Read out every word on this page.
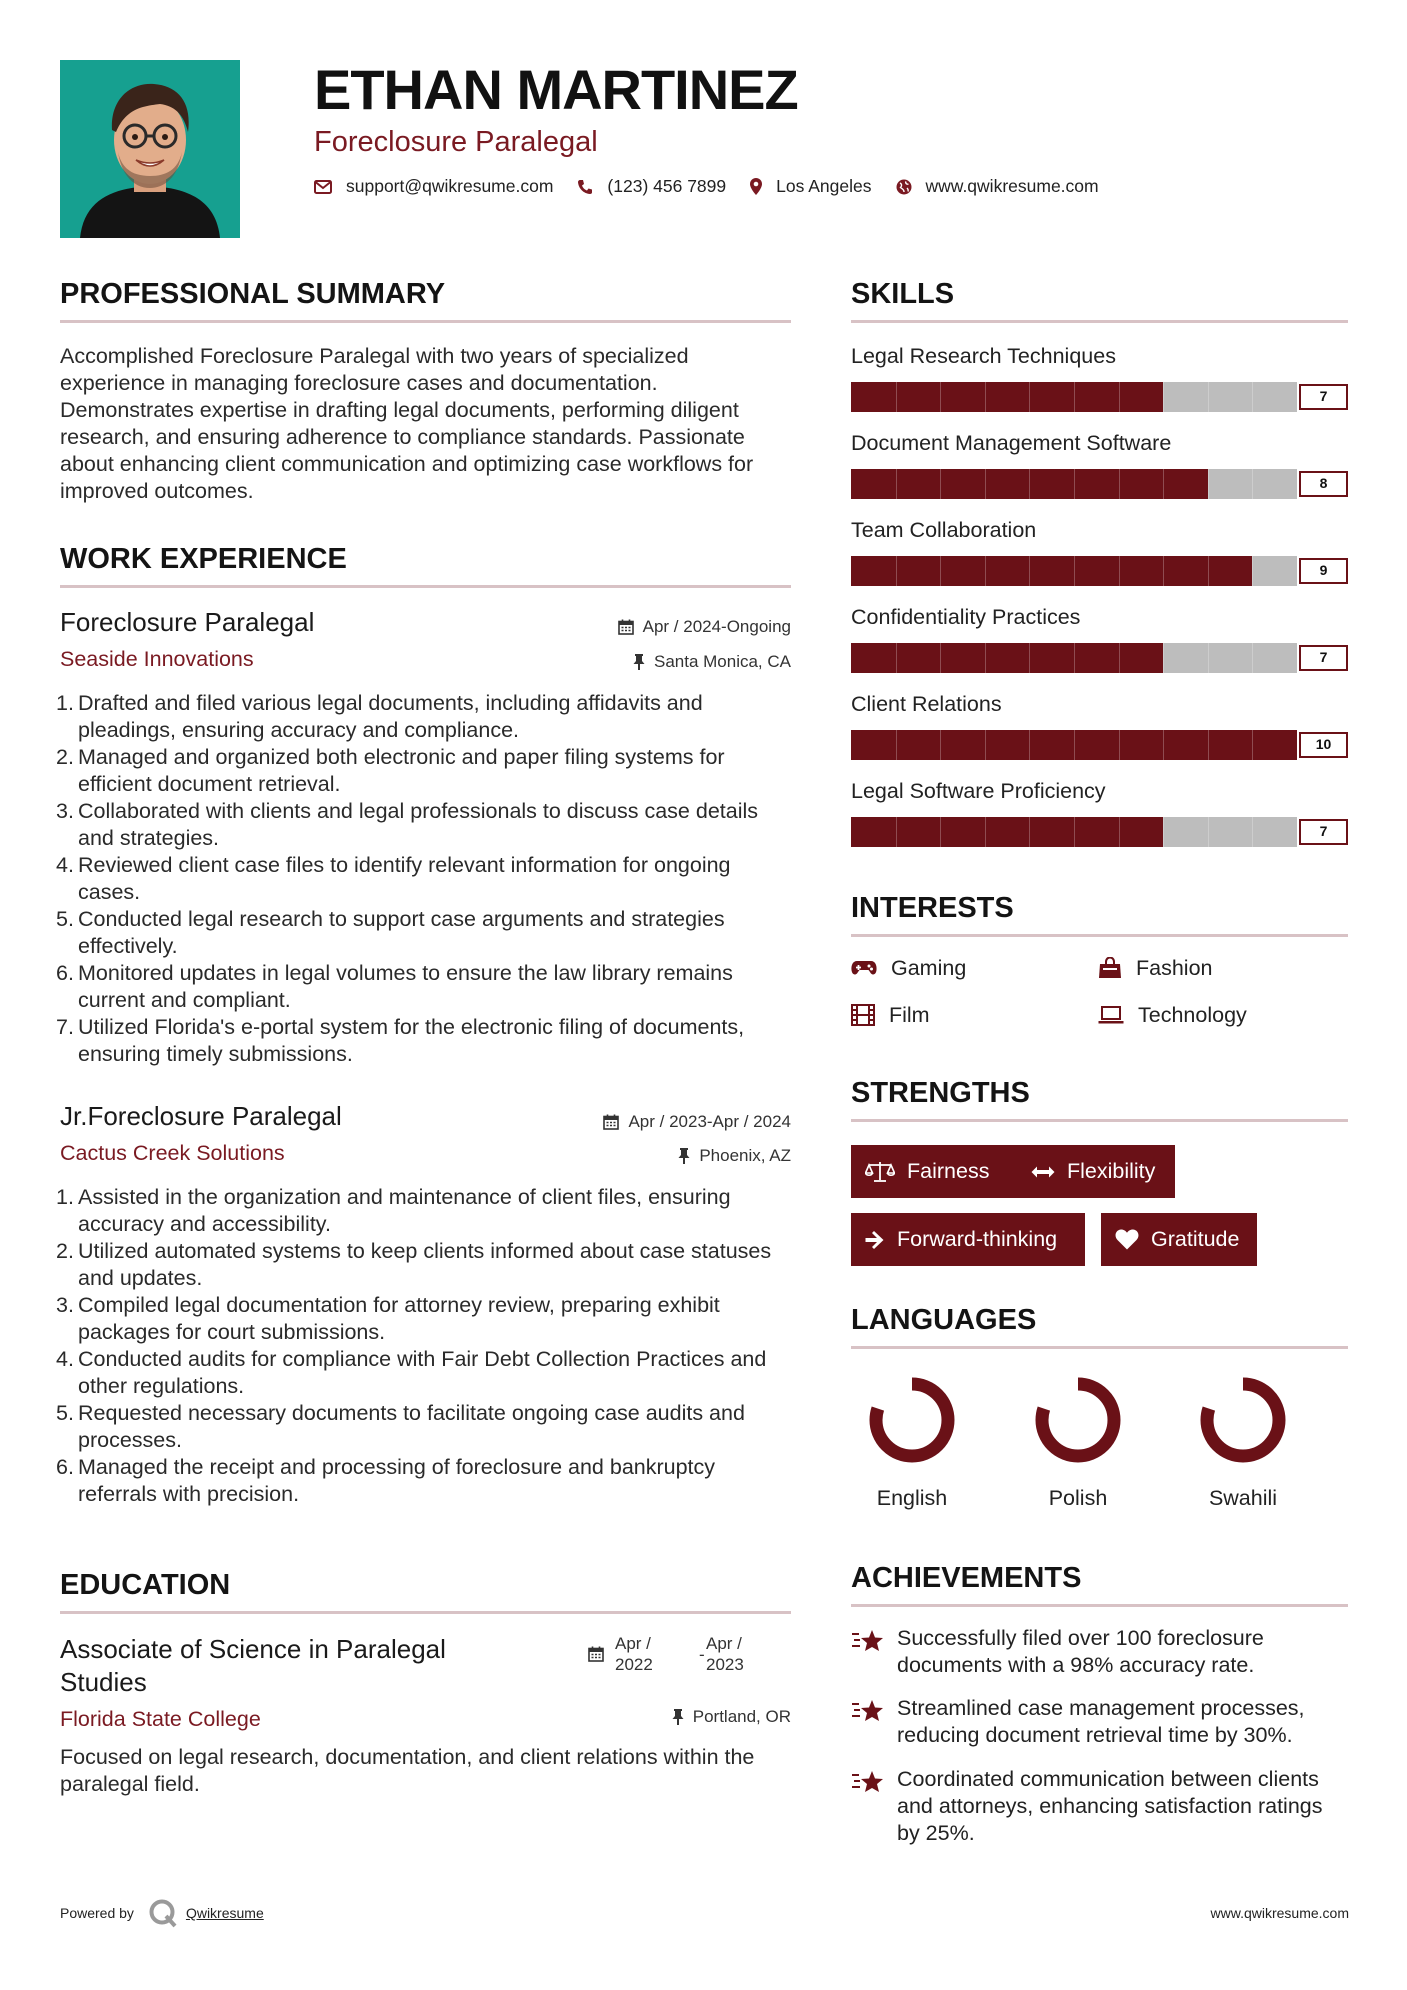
ETHAN MARTINEZ
Foreclosure Paralegal
support@qwikresume.com	(123) 456 7899	Los Angeles	www.qwikresume.com
PROFESSIONAL SUMMARY
Accomplished Foreclosure Paralegal with two years of specialized experience in managing foreclosure cases and documentation. Demonstrates expertise in drafting legal documents, performing diligent research, and ensuring adherence to compliance standards. Passionate about enhancing client communication and optimizing case workflows for improved outcomes.
WORK EXPERIENCE
Foreclosure Paralegal	Apr / 2024-Ongoing
Seaside Innovations	Santa Monica, CA
Drafted and filed various legal documents, including affidavits and pleadings, ensuring accuracy and compliance.
Managed and organized both electronic and paper filing systems for efficient document retrieval.
Collaborated with clients and legal professionals to discuss case details and strategies.
Reviewed client case files to identify relevant information for ongoing cases.
Conducted legal research to support case arguments and strategies effectively.
Monitored updates in legal volumes to ensure the law library remains current and compliant.
Utilized Florida's e-portal system for the electronic filing of documents, ensuring timely submissions.
Jr.Foreclosure Paralegal	Apr / 2023-Apr / 2024
Cactus Creek Solutions	Phoenix, AZ
Assisted in the organization and maintenance of client files, ensuring accuracy and accessibility.
Utilized automated systems to keep clients informed about case statuses and updates.
Compiled legal documentation for attorney review, preparing exhibit packages for court submissions.
Conducted audits for compliance with Fair Debt Collection Practices and other regulations.
Requested necessary documents to facilitate ongoing case audits and processes.
Managed the receipt and processing of foreclosure and bankruptcy referrals with precision.
EDUCATION
Associate of Science in Paralegal Studies
Apr / 2022
-
Apr / 2023
Florida State College	Portland, OR
Focused on legal research, documentation, and client relations within the paralegal field.
SKILLS
Legal Research Techniques
7
Document Management Software
8
Team Collaboration
9
Confidentiality Practices
7
Client Relations
10
Legal Software Proficiency
7
INTERESTS
Gaming	Fashion
Film	Technology
STRENGTHS
Fairness	Flexibility
Forward-thinking	Gratitude
LANGUAGES
English	Polish	Swahili
ACHIEVEMENTS
Successfully filed over 100 foreclosure documents with a 98% accuracy rate.
Streamlined case management processes, reducing document retrieval time by 30%.
Coordinated communication between clients and attorneys, enhancing satisfaction ratings by 25%.
Powered by	Qwikresume	www.qwikresume.com
